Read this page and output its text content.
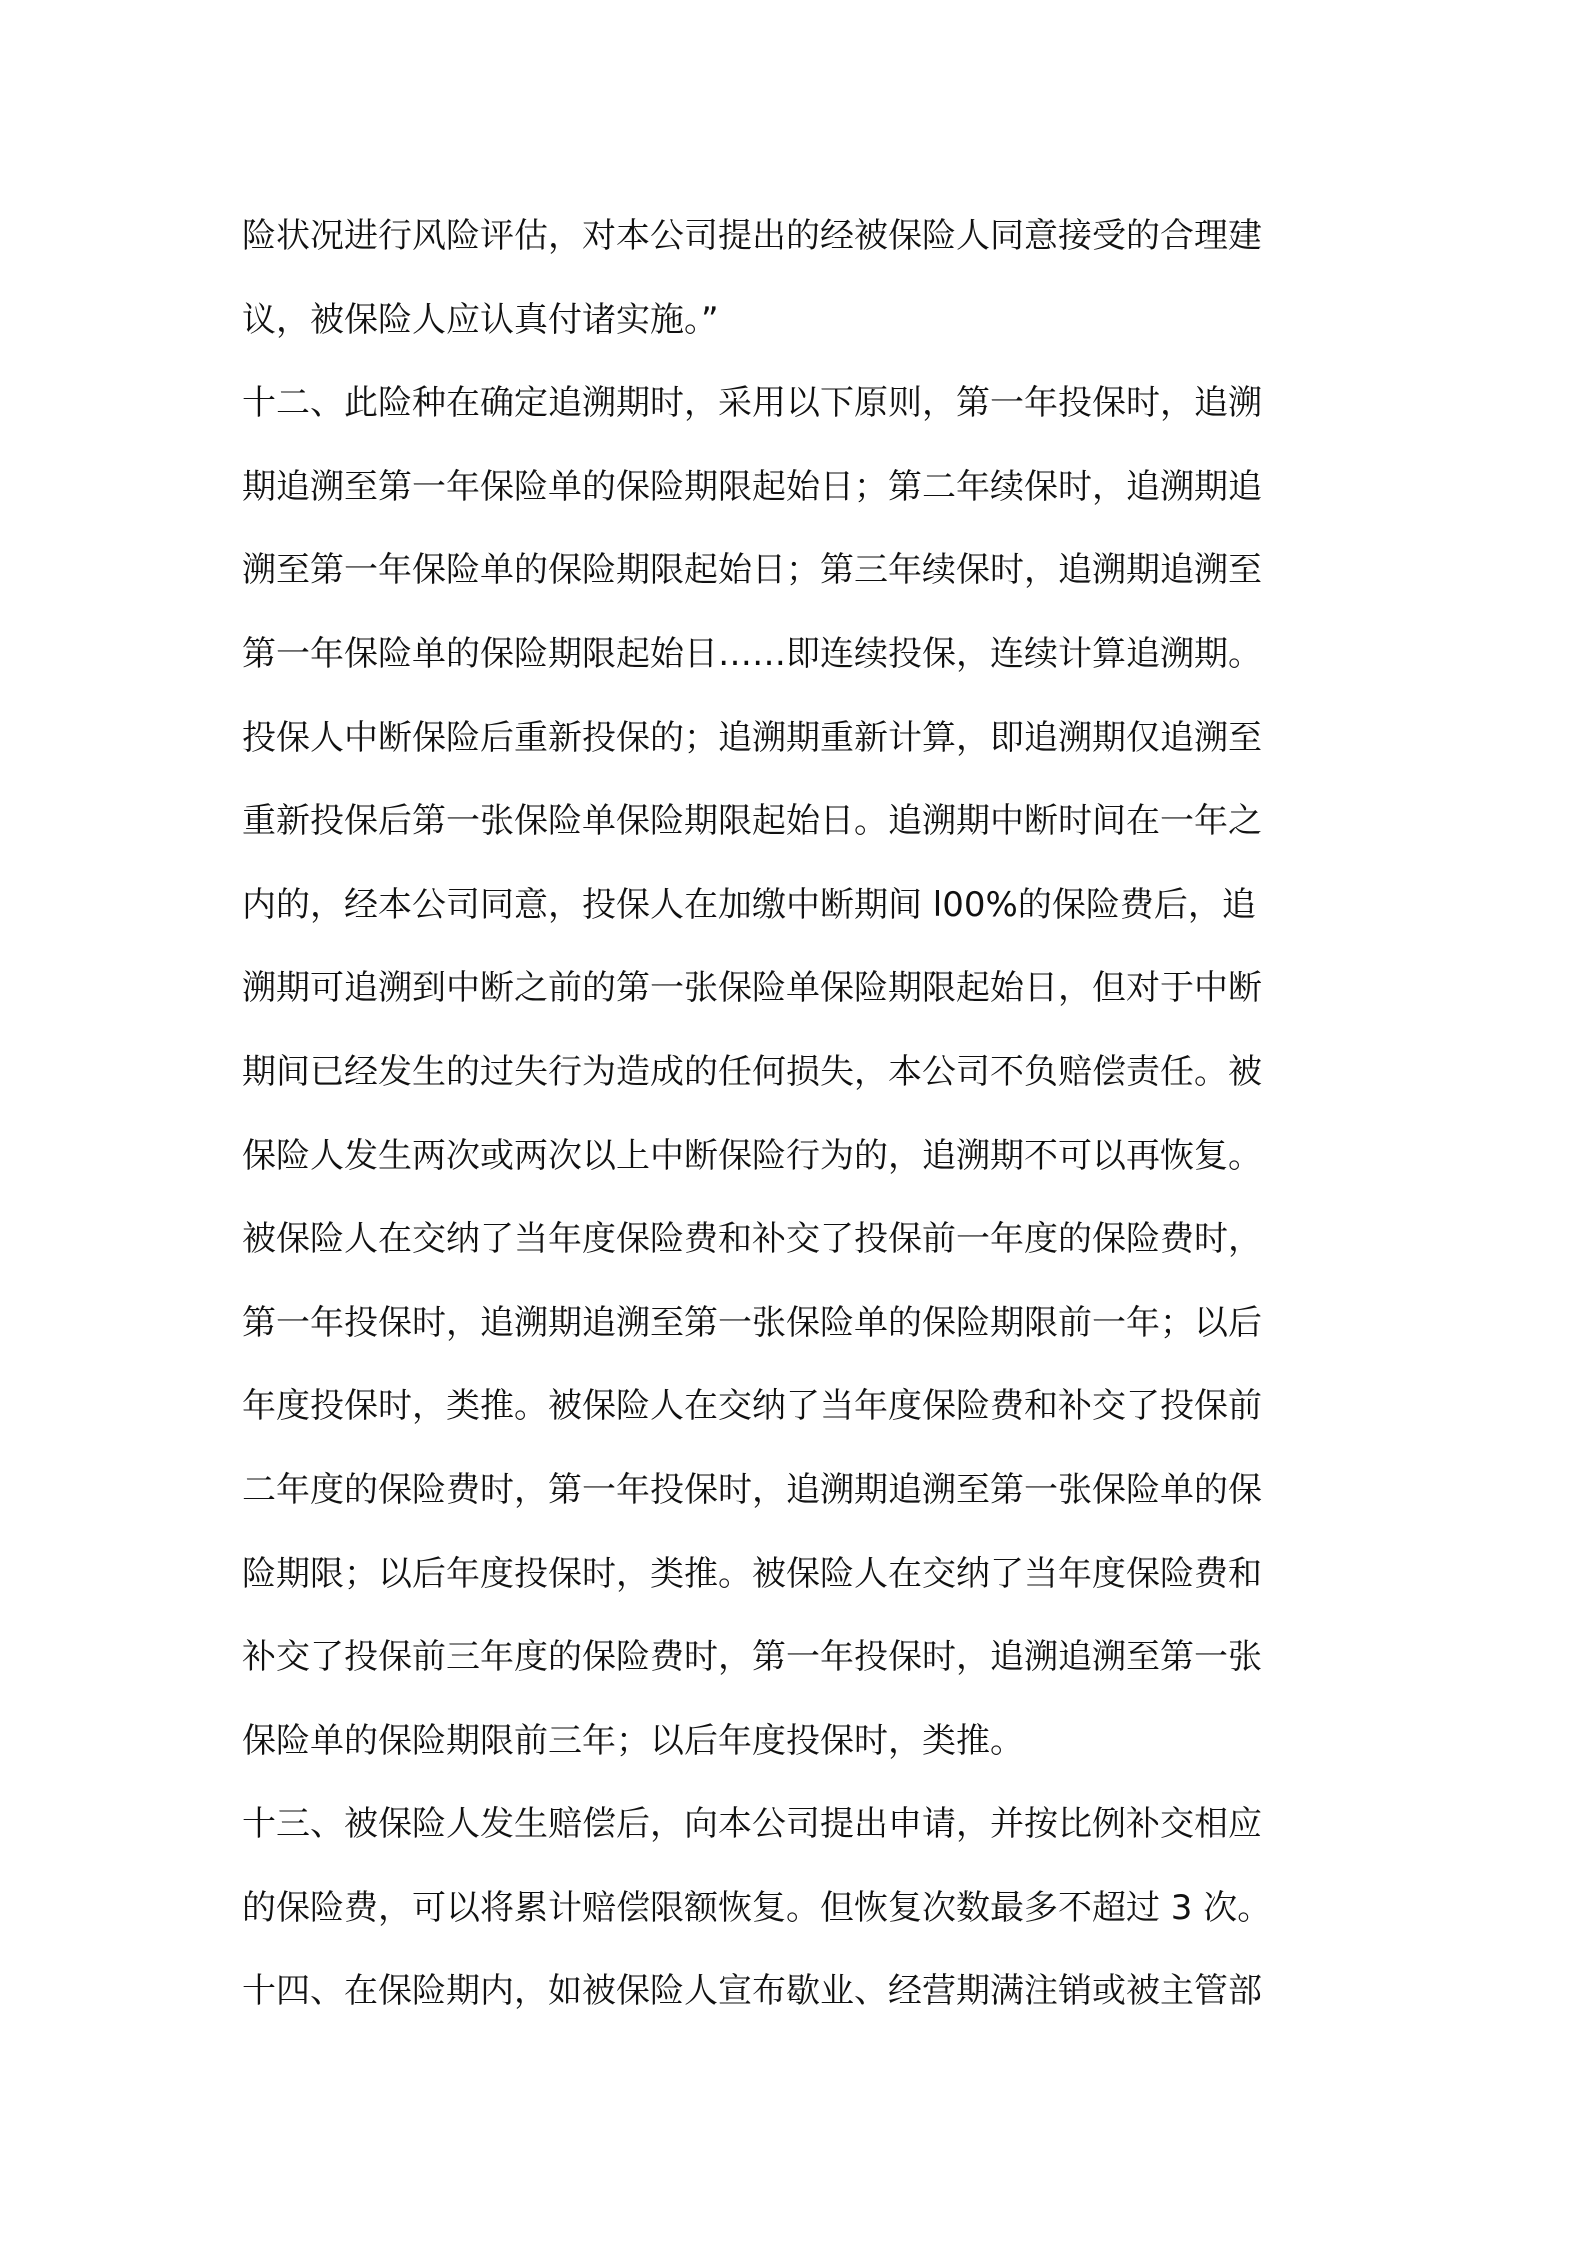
险状况进行风险评估，对本公司提出的经被保险人同意接受的合理建
议，被保险人应认真付诸实施。”
十二、此险种在确定追溯期时，采用以下原则，第一年投保时，追溯
期追溯至第一年保险单的保险期限起始日；第二年续保时，追溯期追
溯至第一年保险单的保险期限起始日；第三年续保时，追溯期追溯至
第一年保险单的保险期限起始日……即连续投保，连续计算追溯期。
投保人中断保险后重新投保的；追溯期重新计算，即追溯期仅追溯至
重新投保后第一张保险单保险期限起始日。追溯期中断时间在一年之
内的，经本公司同意，投保人在加缴中断期间 l00%的保险费后，追
溯期可追溯到中断之前的第一张保险单保险期限起始日，但对于中断
期间已经发生的过失行为造成的任何损失，本公司不负赔偿责任。被
保险人发生两次或两次以上中断保险行为的，追溯期不可以再恢复。
被保险人在交纳了当年度保险费和补交了投保前一年度的保险费时，
第一年投保时，追溯期追溯至第一张保险单的保险期限前一年；以后
年度投保时，类推。被保险人在交纳了当年度保险费和补交了投保前
二年度的保险费时，第一年投保时，追溯期追溯至第一张保险单的保
险期限；以后年度投保时，类推。被保险人在交纳了当年度保险费和
补交了投保前三年度的保险费时，第一年投保时，追溯追溯至第一张
保险单的保险期限前三年；以后年度投保时，类推。
十三、被保险人发生赔偿后，向本公司提出申请，并按比例补交相应
的保险费，可以将累计赔偿限额恢复。但恢复次数最多不超过 3 次。
十四、在保险期内，如被保险人宣布歇业、经营期满注销或被主管部
